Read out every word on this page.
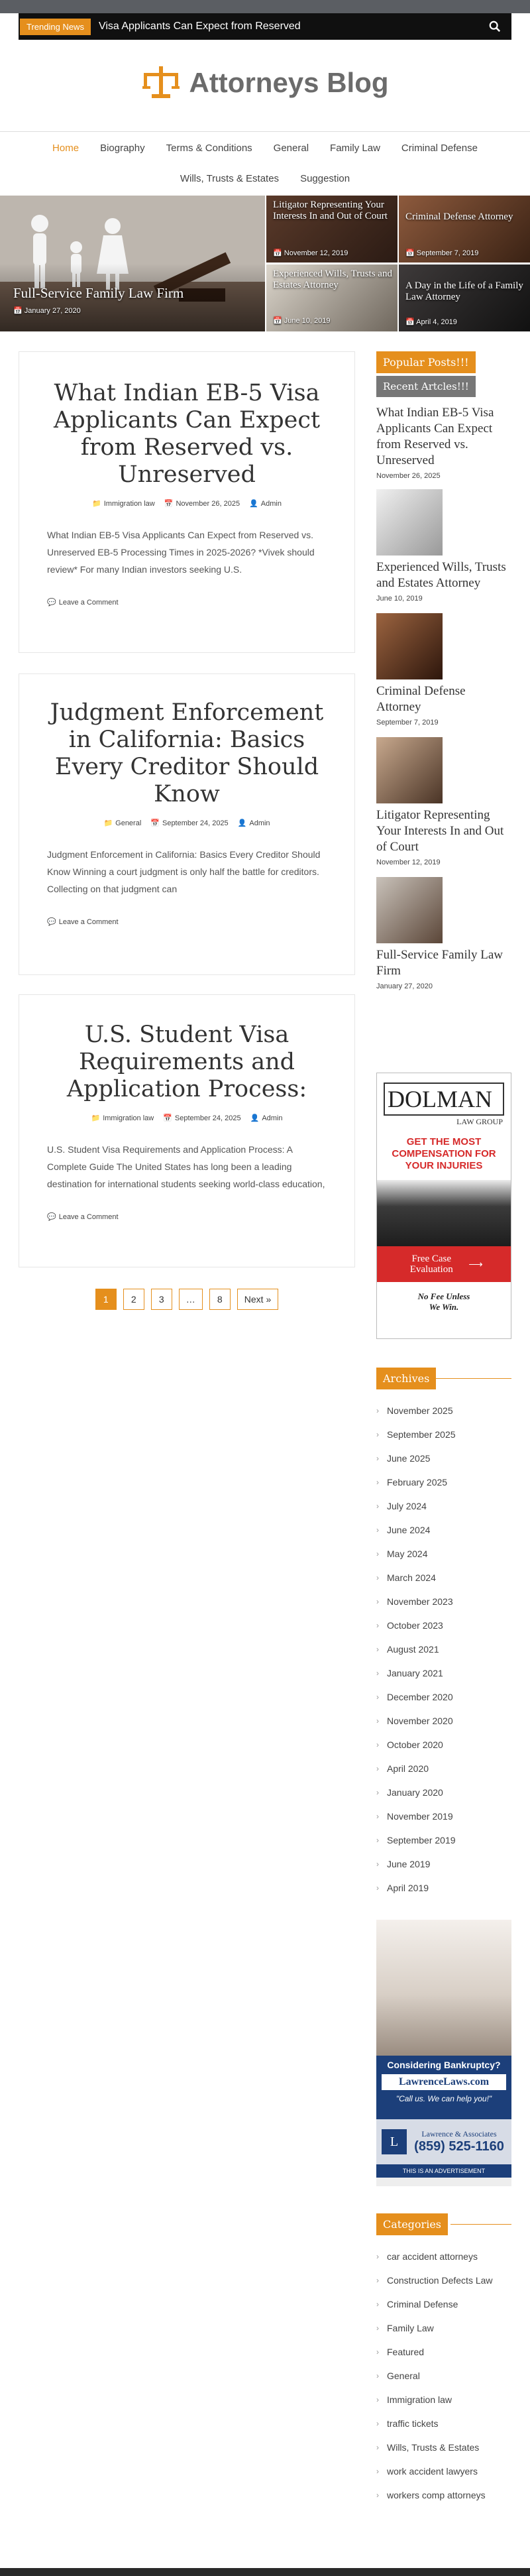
Trending News	Visa Applicants Can Expect from Reserved
Attorneys Blog
Home	Biography	Terms & Conditions	General	Family Law	Criminal Defense
Wills, Trusts & Estates	Suggestion
Full-Service Family Law Firm
📅 January 27, 2020
Litigator Representing Your Interests In and Out of Court
📅 November 12, 2019
Criminal Defense Attorney
📅 September 7, 2019
Experienced Wills, Trusts and Estates Attorney
📅 June 10, 2019
A Day in the Life of a Family Law Attorney
📅 April 4, 2019
What Indian EB-5 Visa Applicants Can Expect from Reserved vs. Unreserved
📁 Immigration law 📅 November 26, 2025 👤 Admin

What Indian EB-5 Visa Applicants Can Expect from Reserved vs. Unreserved EB-5 Processing Times in 2025-2026? *Vivek should review* For many Indian investors seeking U.S.

💬 Leave a Comment
Judgment Enforcement in California: Basics Every Creditor Should Know
📁 General 📅 September 24, 2025 👤 Admin

Judgment Enforcement in California: Basics Every Creditor Should Know Winning a court judgment is only half the battle for creditors. Collecting on that judgment can

💬 Leave a Comment
U.S. Student Visa Requirements and Application Process:
📁 Immigration law 📅 September 24, 2025 👤 Admin

U.S. Student Visa Requirements and Application Process: A Complete Guide The United States has long been a leading destination for international students seeking world-class education,

💬 Leave a Comment
1	2	3	…	8	Next »
Popular Posts!!!
Recent Artcles!!!
What Indian EB-5 Visa Applicants Can Expect from Reserved vs. Unreserved
November 26, 2025
Experienced Wills, Trusts and Estates Attorney
June 10, 2019
Criminal Defense Attorney
September 7, 2019
Litigator Representing Your Interests In and Out of Court
November 12, 2019
Full-Service Family Law Firm
January 27, 2020
DOLMAN
LAW GROUP
GET THE MOST COMPENSATION FOR YOUR INJURIES
Free Case Evaluation	⟶
No Fee Unless
We Win.
Archives
› November 2025
› September 2025
› June 2025
› February 2025
› July 2024
› June 2024
› May 2024
› March 2024
› November 2023
› October 2023
› August 2021
› January 2021
› December 2020
› November 2020
› October 2020
› April 2020
› January 2020
› November 2019
› September 2019
› June 2019
› April 2019
Considering Bankruptcy?
LawrenceLaws.com
"Call us. We can help you!"
L
Lawrence & Associates
(859) 525-1160
THIS IS AN ADVERTISEMENT
Categories
› car accident attorneys
› Construction Defects Law
› Criminal Defense
› Family Law
› Featured
› General
› Immigration law
› traffic tickets
› Wills, Trusts & Estates
› work accident lawyers
› workers comp attorneys
